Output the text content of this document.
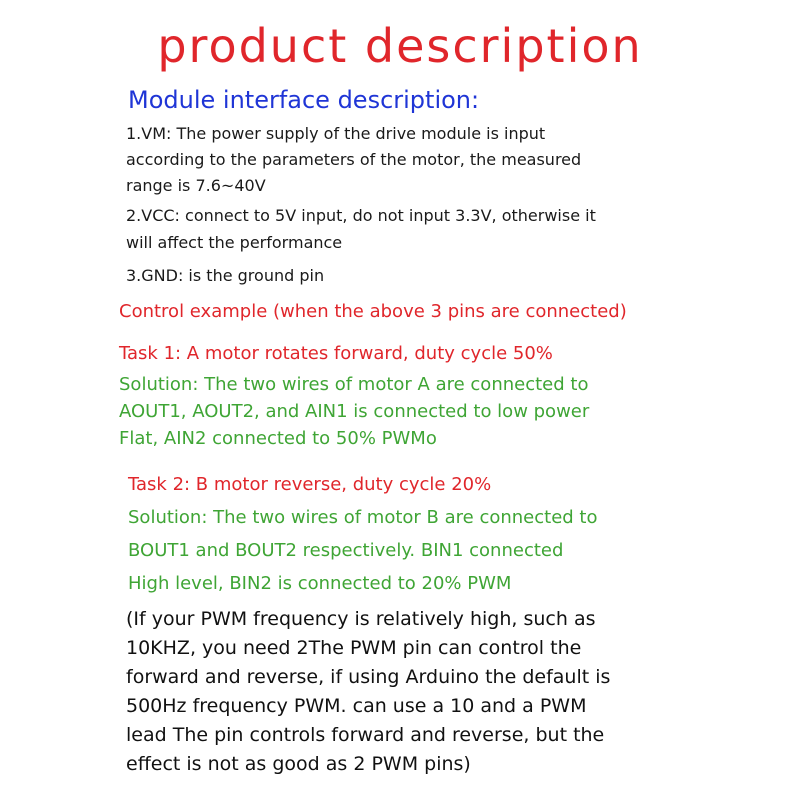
product description
Module interface description:
1.VM: The power supply of the drive module is input
according to the parameters of the motor, the measured
range is 7.6~40V
2.VCC: connect to 5V input, do not input 3.3V, otherwise it
will affect the performance
3.GND: is the ground pin
Control example (when the above 3 pins are connected)
Task 1: A motor rotates forward, duty cycle 50%
Solution: The two wires of motor A are connected to
AOUT1, AOUT2, and AIN1 is connected to low power
Flat, AIN2 connected to 50% PWMo
Task 2: B motor reverse, duty cycle 20%
Solution: The two wires of motor B are connected to
BOUT1 and BOUT2 respectively. BIN1 connected
High level, BIN2 is connected to 20% PWM
(If your PWM frequency is relatively high, such as
10KHZ, you need 2The PWM pin can control the
forward and reverse, if using Arduino the default is
500Hz frequency PWM. can use a 10 and a PWM
lead The pin controls forward and reverse, but the
effect is not as good as 2 PWM pins)
